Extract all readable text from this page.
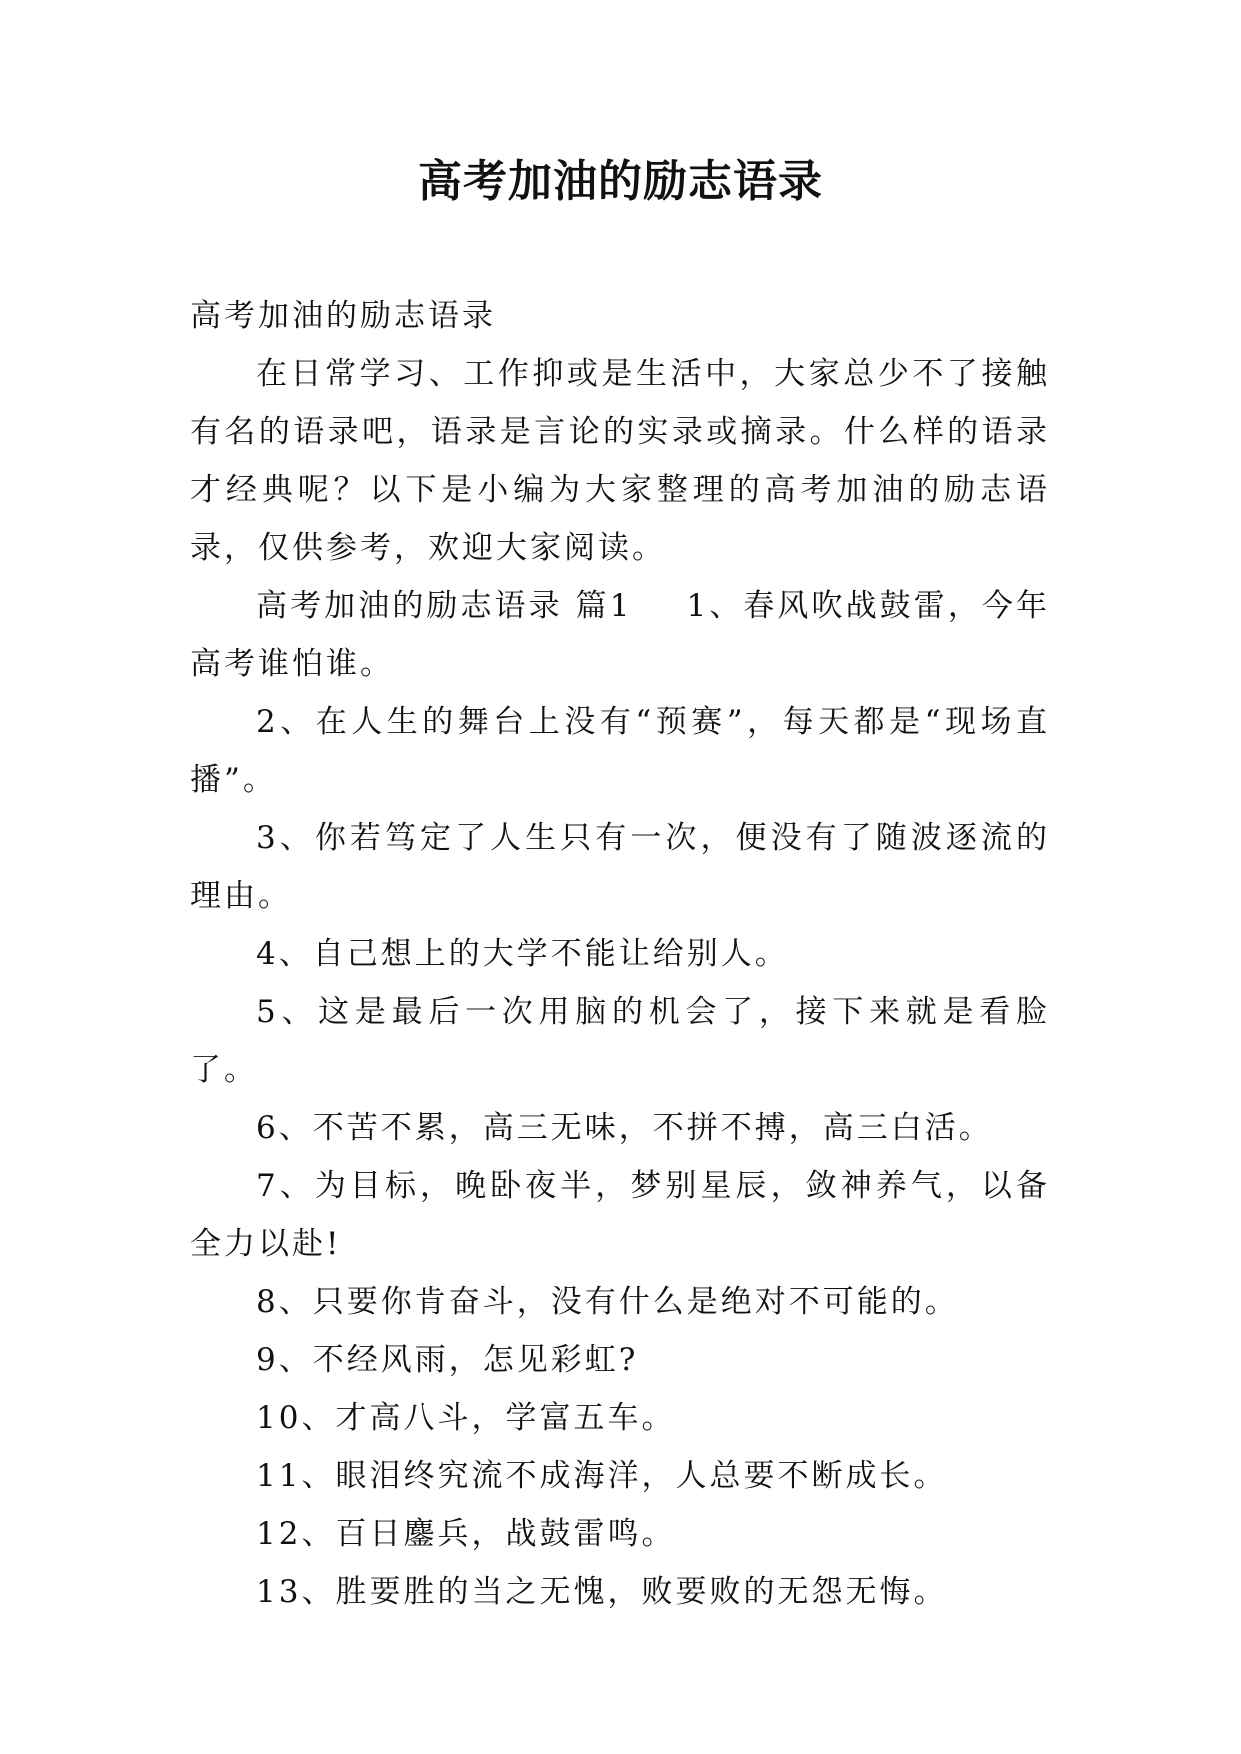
高考加油的励志语录

高考加油的励志语录

在日常学习、工作抑或是生活中，大家总少不了接触有名的语录吧，语录是言论的实录或摘录。什么样的语录才经典呢？以下是小编为大家整理的高考加油的励志语录，仅供参考，欢迎大家阅读。

高考加油的励志语录 篇1 1、春风吹战鼓雷，今年高考谁怕谁。

2、在人生的舞台上没有“预赛”，每天都是“现场直播”。

3、你若笃定了人生只有一次，便没有了随波逐流的理由。

4、自己想上的大学不能让给别人。

5、这是最后一次用脑的机会了，接下来就是看脸了。

6、不苦不累，高三无味，不拼不搏，高三白活。

7、为目标，晚卧夜半，梦别星辰，敛神养气，以备全力以赴!

8、只要你肯奋斗，没有什么是绝对不可能的。

9、不经风雨，怎见彩虹?

10、才高八斗，学富五车。

11、眼泪终究流不成海洋，人总要不断成长。

12、百日鏖兵，战鼓雷鸣。

13、胜要胜的当之无愧，败要败的无怨无悔。
